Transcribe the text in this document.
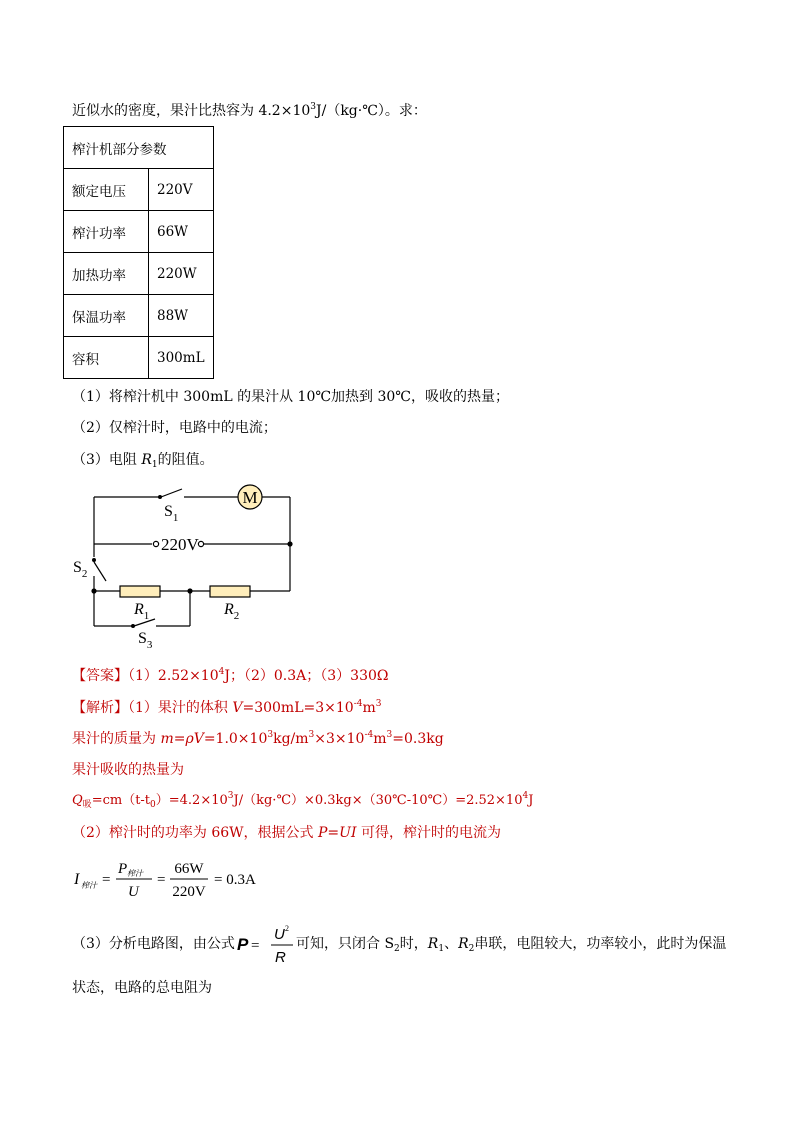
近似水的密度，果汁比热容为 $4.2\times 10^3J/(kg\cdot℃)$。求：
榨汁机部分参数	
额定电压	220V
榨汁功率	66W
加热功率	220W
保温功率	88W
容积	300mL
（1）将榨汁机中 300mL 的果汁从 10℃加热到 30℃，吸收的热量；
（2）仅榨汁时，电路中的电流；
（3）电阻 $R_1$的阻值。
M
$S_1$
$S_2$
$S_3$
220V
$R_1$	$R_2$
【答案】$(1)2.52\times 10^4J$；（2）0.3A；（3）330Ω
【解析】（1）果汁的体积 $V=300mL=3\times 10^{-4}m^3$
果汁的质量为 $m=\rho V=1.0\times 10^3kg/m^3\times 3\times 10^{-4}m^3=0.3kg$
果汁吸收的热量为
$Q_吸=cm(t-t_0)=4.2\times 10^3J/(kg\cdot℃)\times 0.3kg\times(30℃-10℃)=2.52\times 10^4J$
（2）榨汁时的功率为 66W，根据公式 P=UI 可得，榨汁时的电流为
I 榨汁 =
P 榨汁
U
=
66W
220V
= 0.3A
（3）分析电路图，由公式 P =
U 2
R
可知，只闭合 $S_2$时，$R_1$、$R_2$串联，电阻较大，功率较小，此时为保温
状态，电路的总电阻为
